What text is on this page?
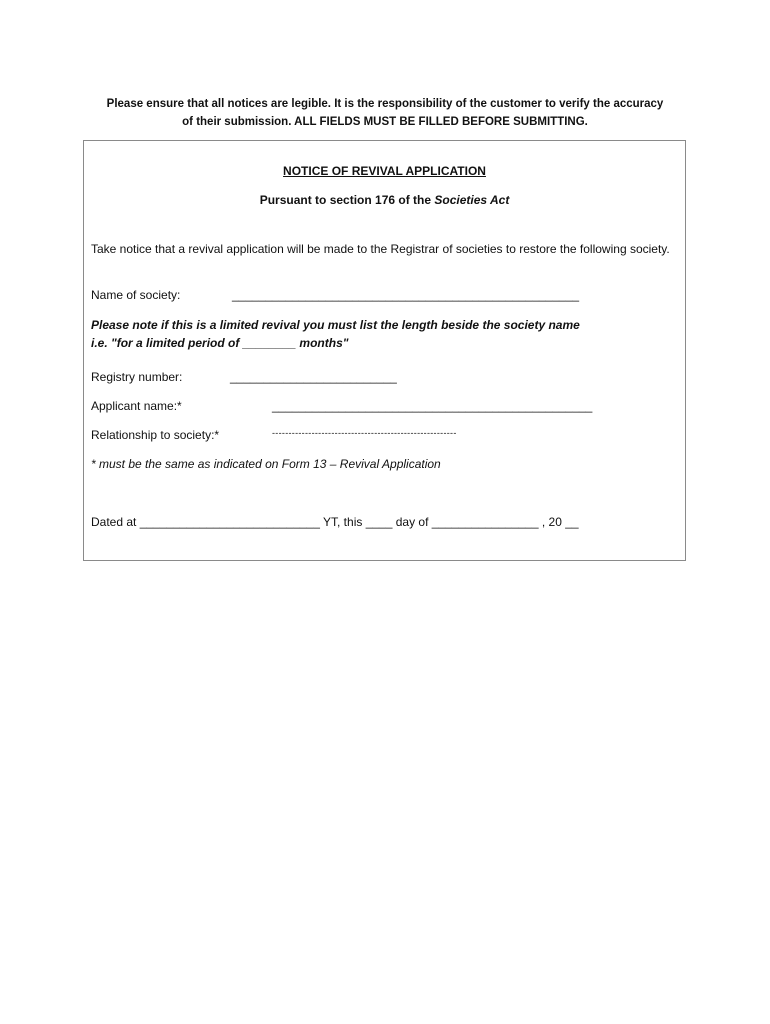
Please ensure that all notices are legible. It is the responsibility of the customer to verify the accuracy
of their submission. ALL FIELDS MUST BE FILLED BEFORE SUBMITTING.
NOTICE OF REVIVAL APPLICATION
Pursuant to section 176 of the Societies Act
Take notice that a revival application will be made to the Registrar of societies to restore the following society.
Name of society:	____________________________________________________
Please note if this is a limited revival you must list the length beside the society name
i.e. "for a limited period of ________ months"
Registry number:	_________________________
Applicant name:*	________________________________________________
Relationship to society:*	--------------------------------------------------------
* must be the same as indicated on Form 13 – Revival Application
Dated at ___________________________ YT, this ____ day of ________________ , 20 __
